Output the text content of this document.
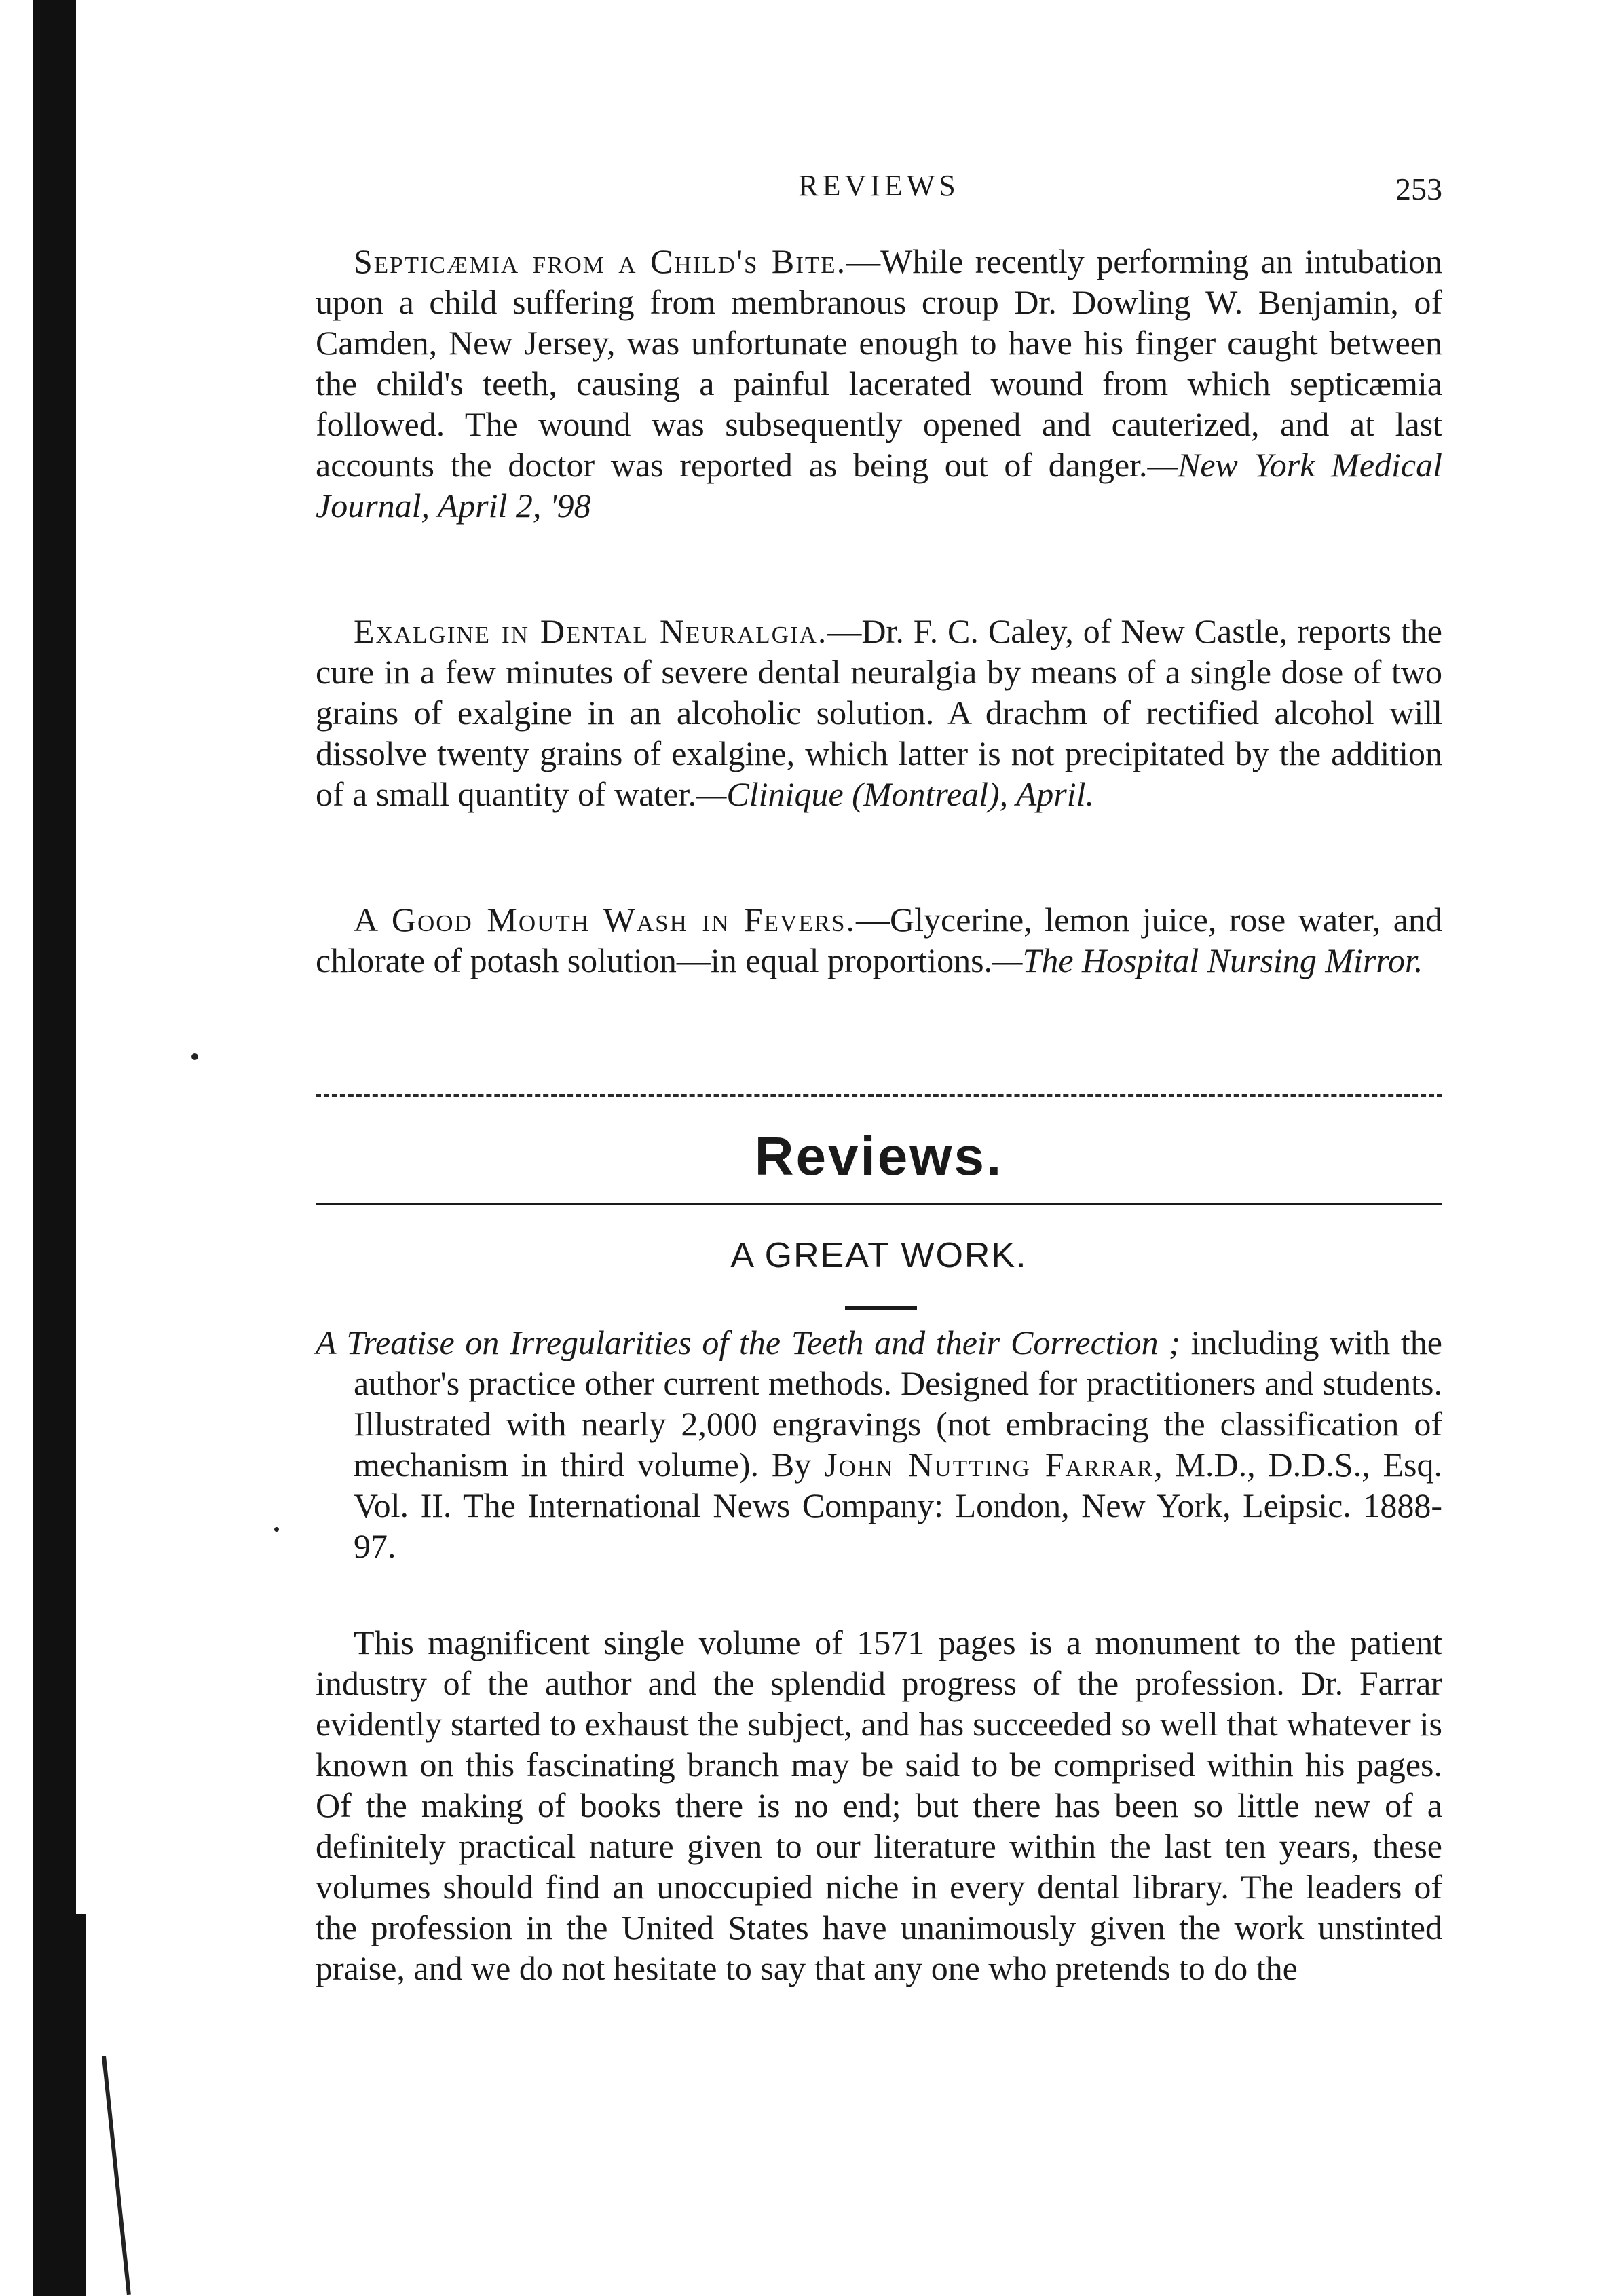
REVIEWS	253

Septicæmia from a Child's Bite.—While recently performing an intubation upon a child suffering from membranous croup Dr. Dowling W. Benjamin, of Camden, New Jersey, was unfortunate enough to have his finger caught between the child's teeth, causing a painful lacerated wound from which septicæmia followed. The wound was subsequently opened and cauterized, and at last accounts the doctor was reported as being out of danger.—New York Medical Journal, April 2, '98

Exalgine in Dental Neuralgia.—Dr. F. C. Caley, of New Castle, reports the cure in a few minutes of severe dental neuralgia by means of a single dose of two grains of exalgine in an alcoholic solution. A drachm of rectified alcohol will dissolve twenty grains of exalgine, which latter is not precipitated by the addition of a small quantity of water.—Clinique (Montreal), April.

A Good Mouth Wash in Fevers.—Glycerine, lemon juice, rose water, and chlorate of potash solution—in equal proportions.—The Hospital Nursing Mirror.

Reviews.
A GREAT WORK.

A Treatise on Irregularities of the Teeth and their Correction ; including with the author's practice other current methods. Designed for practitioners and students. Illustrated with nearly 2,000 engravings (not embracing the classification of mechanism in third volume). By John Nutting Farrar, M.D., D.D.S., Esq. Vol. II. The International News Company: London, New York, Leipsic. 1888-97.

This magnificent single volume of 1571 pages is a monument to the patient industry of the author and the splendid progress of the profession. Dr. Farrar evidently started to exhaust the subject, and has succeeded so well that whatever is known on this fascinating branch may be said to be comprised within his pages. Of the making of books there is no end; but there has been so little new of a definitely practical nature given to our literature within the last ten years, these volumes should find an unoccupied niche in every dental library. The leaders of the profession in the United States have unanimously given the work unstinted praise, and we do not hesitate to say that any one who pretends to do the
